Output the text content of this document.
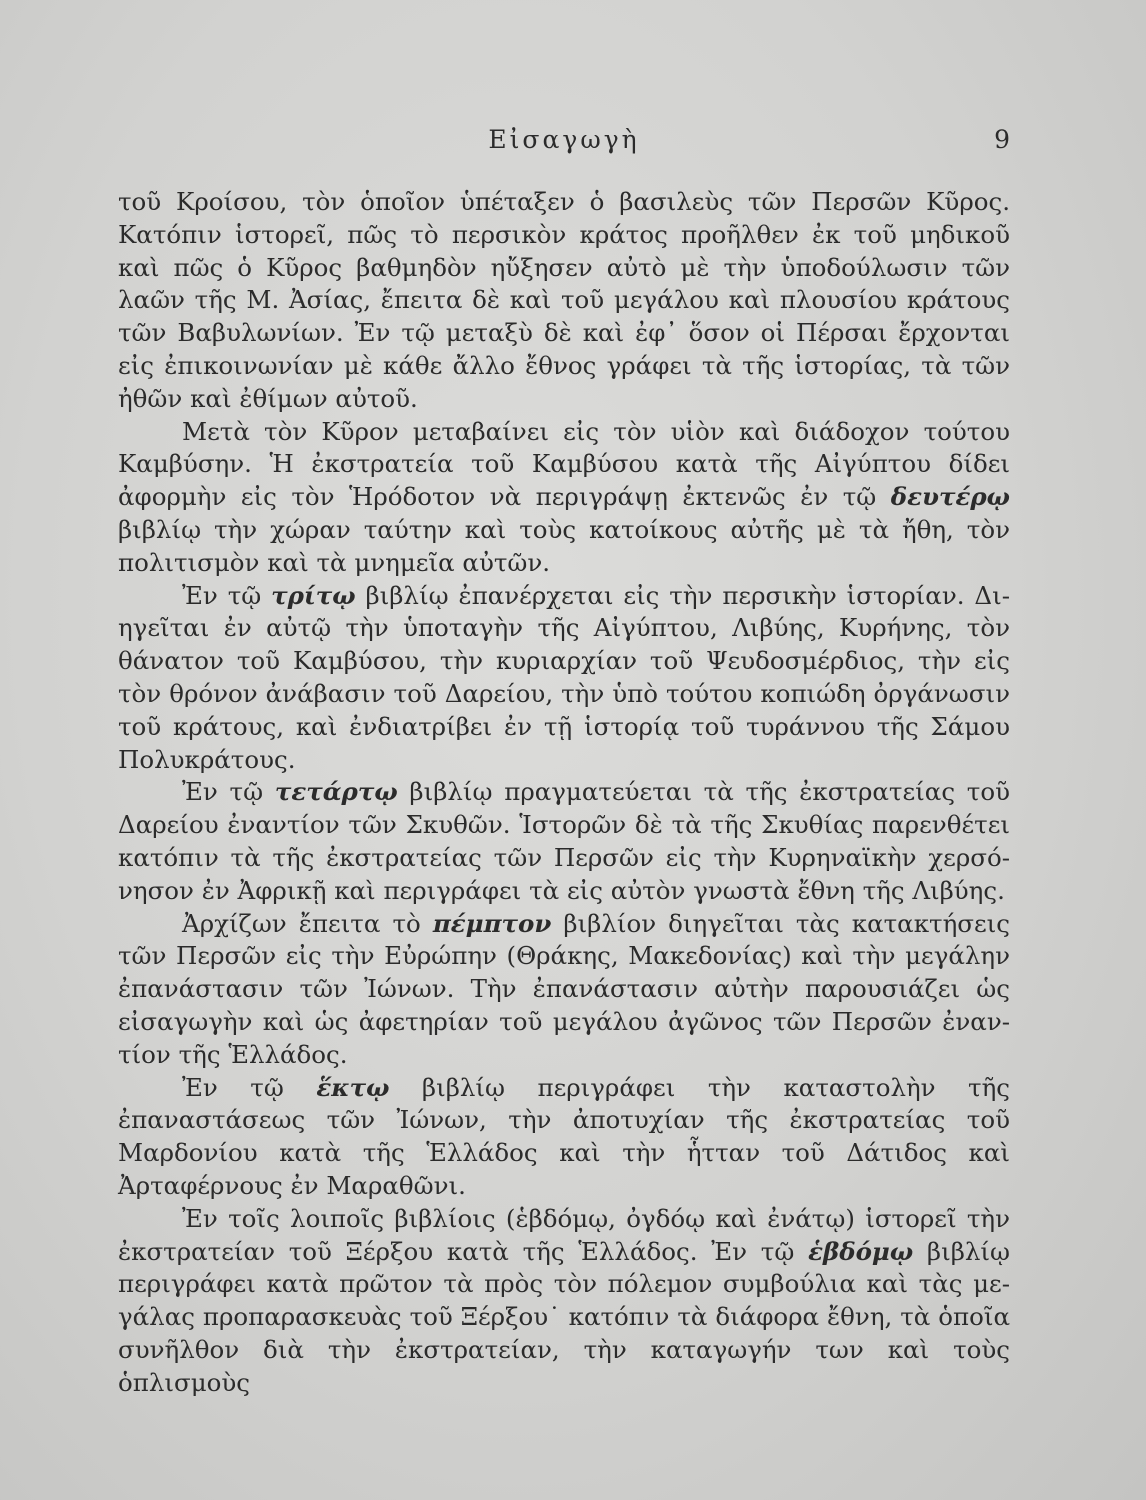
Εἰσαγωγὴ	9

τοῦ Κροίσου, τὸν ὁποῖον ὑπέταξεν ὁ βασιλεὺς τῶν Περσῶν Κῦρος. Κατόπιν ἱστορεῖ, πῶς τὸ περσικὸν κράτος προῆλθεν ἐκ τοῦ μηδικοῦ καὶ πῶς ὁ Κῦρος βαθμηδὸν ηὔξησεν αὐτὸ μὲ τὴν ὑποδούλωσιν τῶν λαῶν τῆς Μ. Ἀσίας, ἔπειτα δὲ καὶ τοῦ μεγάλου καὶ πλουσίου κράτους τῶν Βαβυλωνίων. Ἐν τῷ μεταξὺ δὲ καὶ ἐφ᾿ ὅσον οἱ Πέρσαι ἔρχονται εἰς ἐπικοινωνίαν μὲ κάθε ἄλλο ἔθνος γράφει τὰ τῆς ἱστορίας, τὰ τῶν ἠθῶν καὶ ἐθίμων αὐτοῦ.

Μετὰ τὸν Κῦρον μεταβαίνει εἰς τὸν υἱὸν καὶ διάδοχον τούτου Καμβύσην. Ἡ ἐκστρατεία τοῦ Καμβύσου κατὰ τῆς Αἰγύπτου δίδει ἀφορμὴν εἰς τὸν Ἡρόδοτον νὰ περιγράψῃ ἐκτενῶς ἐν τῷ δευτέρῳ βιβλίῳ τὴν χώραν ταύτην καὶ τοὺς κατοίκους αὐτῆς μὲ τὰ ἤθη, τὸν πολιτισμὸν καὶ τὰ μνημεῖα αὐτῶν.

Ἐν τῷ τρίτῳ βιβλίῳ ἐπανέρχεται εἰς τὴν περσικὴν ἱστορίαν. Διηγεῖται ἐν αὐτῷ τὴν ὑποταγὴν τῆς Αἰγύπτου, Λιβύης, Κυρήνης, τὸν θάνατον τοῦ Καμβύσου, τὴν κυριαρχίαν τοῦ Ψευδοσμέρδιος, τὴν εἰς τὸν θρόνον ἀνάβασιν τοῦ Δαρείου, τὴν ὑπὸ τούτου κοπιώδη ὀργάνωσιν τοῦ κράτους, καὶ ἐνδιατρίβει ἐν τῇ ἱστορίᾳ τοῦ τυράννου τῆς Σάμου Πολυκράτους.

Ἐν τῷ τετάρτῳ βιβλίῳ πραγματεύεται τὰ τῆς ἐκστρατείας τοῦ Δαρείου ἐναντίον τῶν Σκυθῶν. Ἱστορῶν δὲ τὰ τῆς Σκυθίας παρενθέτει κατόπιν τὰ τῆς ἐκστρατείας τῶν Περσῶν εἰς τὴν Κυρηναϊκὴν χερσόνησον ἐν Ἀφρικῇ καὶ περιγράφει τὰ εἰς αὐτὸν γνωστὰ ἔθνη τῆς Λιβύης.

Ἀρχίζων ἔπειτα τὸ πέμπτον βιβλίον διηγεῖται τὰς κατακτήσεις τῶν Περσῶν εἰς τὴν Εὐρώπην (Θράκης, Μακεδονίας) καὶ τὴν μεγάλην ἐπανάστασιν τῶν Ἰώνων. Τὴν ἐπανάστασιν αὐτὴν παρουσιάζει ὡς εἰσαγωγὴν καὶ ὡς ἀφετηρίαν τοῦ μεγάλου ἀγῶνος τῶν Περσῶν ἐναντίον τῆς Ἑλλάδος.

Ἐν τῷ ἕκτῳ βιβλίῳ περιγράφει τὴν καταστολὴν τῆς ἐπαναστάσεως τῶν Ἰώνων, τὴν ἀποτυχίαν τῆς ἐκστρατείας τοῦ Μαρδονίου κατὰ τῆς Ἑλλάδος καὶ τὴν ἧτταν τοῦ Δάτιδος καὶ Ἀρταφέρνους ἐν Μαραθῶνι.

Ἐν τοῖς λοιποῖς βιβλίοις (ἑβδόμῳ, ὀγδόῳ καὶ ἐνάτῳ) ἱστορεῖ τὴν ἐκστρατείαν τοῦ Ξέρξου κατὰ τῆς Ἑλλάδος. Ἐν τῷ ἑβδόμῳ βιβλίῳ περιγράφει κατὰ πρῶτον τὰ πρὸς τὸν πόλεμον συμβούλια καὶ τὰς μεγάλας προπαρασκευὰς τοῦ Ξέρξου˙ κατόπιν τὰ διάφορα ἔθνη, τὰ ὁποῖα συνῆλθον διὰ τὴν ἐκστρατείαν, τὴν καταγωγήν των καὶ τοὺς ὁπλισμοὺς
